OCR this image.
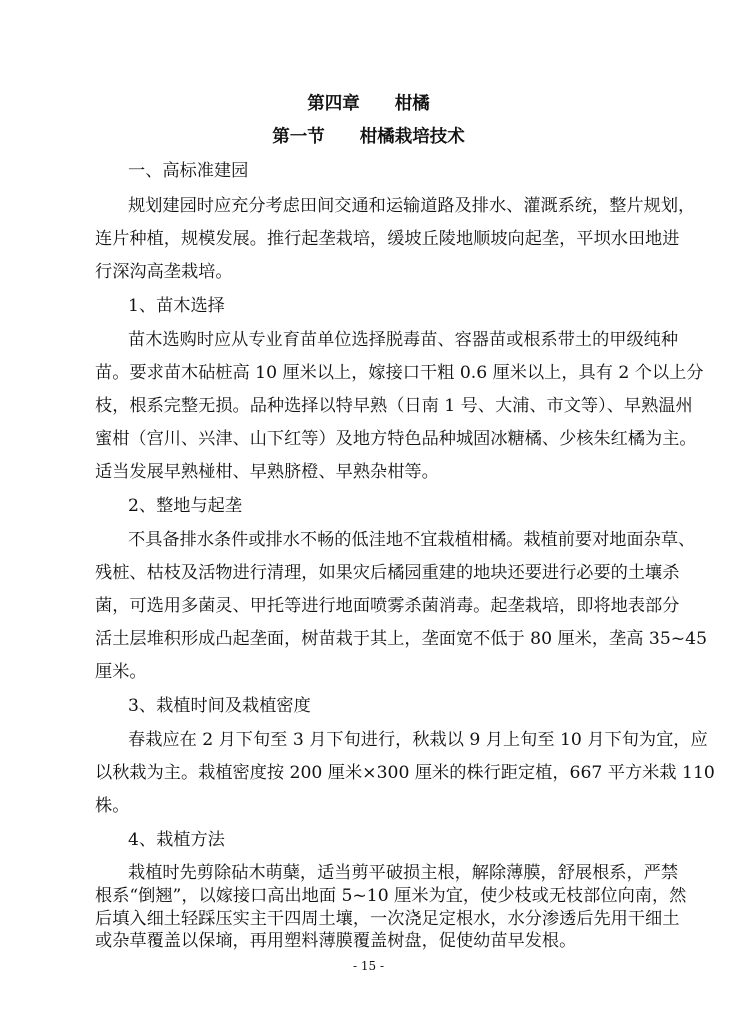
第四章　　柑橘
第一节　　柑橘栽培技术
一、高标准建园
规划建园时应充分考虑田间交通和运输道路及排水、灌溉系统，整片规划，
连片种植，规模发展。推行起垄栽培，缓坡丘陵地顺坡向起垄，平坝水田地进
行深沟高垄栽培。
1、苗木选择
苗木选购时应从专业育苗单位选择脱毒苗、容器苗或根系带土的甲级纯种
苗。要求苗木砧桩高 10 厘米以上，嫁接口干粗 0.6 厘米以上，具有 2 个以上分
枝，根系完整无损。品种选择以特早熟（日南 1 号、大浦、市文等）、早熟温州
蜜柑（宫川、兴津、山下红等）及地方特色品种城固冰糖橘、少核朱红橘为主。
适当发展早熟椪柑、早熟脐橙、早熟杂柑等。
2、整地与起垄
不具备排水条件或排水不畅的低洼地不宜栽植柑橘。栽植前要对地面杂草、
残桩、枯枝及活物进行清理，如果灾后橘园重建的地块还要进行必要的土壤杀
菌，可选用多菌灵、甲托等进行地面喷雾杀菌消毒。起垄栽培，即将地表部分
活土层堆积形成凸起垄面，树苗栽于其上，垄面宽不低于 80 厘米，垄高 35~45
厘米。
3、栽植时间及栽植密度
春栽应在 2 月下旬至 3 月下旬进行，秋栽以 9 月上旬至 10 月下旬为宜，应
以秋栽为主。栽植密度按 200 厘米×300 厘米的株行距定植，667 平方米栽 110
株。
4、栽植方法
栽植时先剪除砧木萌蘖，适当剪平破损主根，解除薄膜，舒展根系，严禁
根系“倒翘”，以嫁接口高出地面 5~10 厘米为宜，使少枝或无枝部位向南，然
- 15 -
后填入细土轻踩压实主干四周土壤，一次浇足定根水，水分渗透后先用干细土
或杂草覆盖以保墒，再用塑料薄膜覆盖树盘，促使幼苗早发根。
